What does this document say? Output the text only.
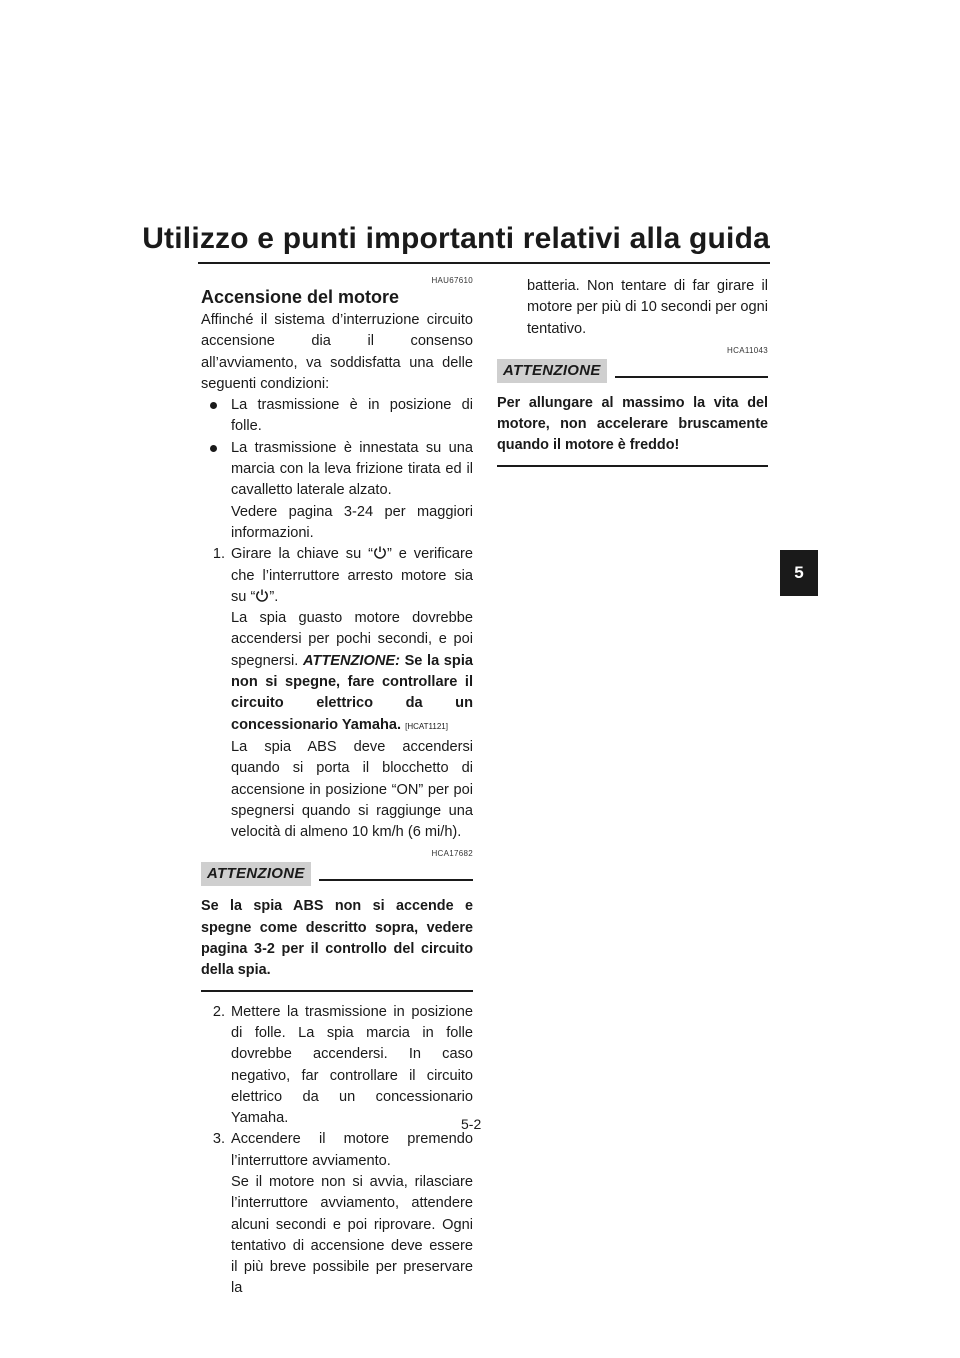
Utilizzo e punti importanti relativi alla guida
5
HAU67610
Accensione del motore

Affinché il sistema d’interruzione circuito accensione dia il consenso all’avviamento, va soddisfatta una delle seguenti condizioni:

La trasmissione è in posizione di folle.
La trasmissione è innestata su una marcia con la leva frizione tirata ed il cavalletto laterale alzato.
Vedere pagina 3-24 per maggiori informazioni.
1. Girare la chiave su “ ” e verificare che l’interruttore arresto motore sia su “ ”.
La spia guasto motore dovrebbe accendersi per pochi secondi, e poi spegnersi. ATTENZIONE: Se la spia non si spegne, fare controllare il circuito elettrico da un concessionario Yamaha. [HCAT1121]
La spia ABS deve accendersi quando si porta il blocchetto di accensione in posizione “ON” per poi spegnersi quando si raggiunge una velocità di almeno 10 km/h (6 mi/h).
HCA17682
ATTENZIONE
Se la spia ABS non si accende e spegne come descritto sopra, vedere pagina 3-2 per il controllo del circuito della spia.
2. Mettere la trasmissione in posizione di folle. La spia marcia in folle dovrebbe accendersi. In caso negativo, far controllare il circuito elettrico da un concessionario Yamaha.
3. Accendere il motore premendo l’interruttore avviamento.
Se il motore non si avvia, rilasciare l’interruttore avviamento, attendere alcuni secondi e poi riprovare. Ogni tentativo di accensione deve essere il più breve possibile per preservare la
batteria. Non tentare di far girare il motore per più di 10 secondi per ogni tentativo.
HCA11043
ATTENZIONE
Per allungare al massimo la vita del motore, non accelerare bruscamente quando il motore è freddo!
5-2
